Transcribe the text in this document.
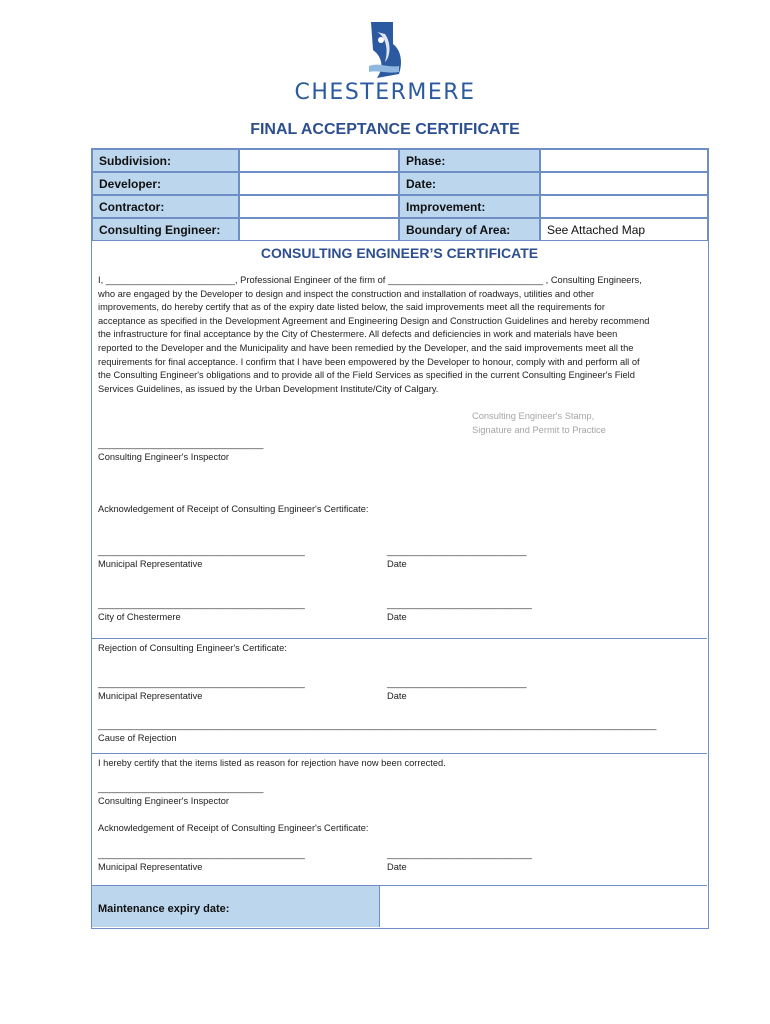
CHESTERMERE
FINAL ACCEPTANCE CERTIFICATE
Subdivision:	Phase:
Developer:	Date:
Contractor:	Improvement:
Consulting Engineer:	Boundary of Area:	See Attached Map
CONSULTING ENGINEER’S CERTIFICATE
I, _________________________, Professional Engineer of the firm of ______________________________ , Consulting Engineers,
who are engaged by the Developer to design and inspect the construction and installation of roadways, utilities and other
improvements, do hereby certify that as of the expiry date listed below, the said improvements meet all the requirements for
acceptance as specified in the Development Agreement and Engineering Design and Construction Guidelines and hereby recommend
the infrastructure for final acceptance by the City of Chestermere. All defects and deficiencies in work and materials have been
reported to the Developer and the Municipality and have been remedied by the Developer, and the said improvements meet all the
requirements for final acceptance. I confirm that I have been empowered by the Developer to honour, comply with and perform all of
the Consulting Engineer's obligations and to provide all of the Field Services as specified in the current Consulting Engineer's Field
Services Guidelines, as issued by the Urban Development Institute/City of Calgary.
Consulting Engineer's Stamp,
Signature and Permit to Practice
________________________________
Consulting Engineer's Inspector
Acknowledgement of Receipt of Consulting Engineer's Certificate:
________________________________________
Municipal Representative
___________________________
Date
________________________________________
City of Chestermere
____________________________
Date
Rejection of Consulting Engineer's Certificate:
________________________________________
Municipal Representative
___________________________
Date
____________________________________________________________________________________________________________
Cause of Rejection
I hereby certify that the items listed as reason for rejection have now been corrected.
________________________________
Consulting Engineer's Inspector
Acknowledgement of Receipt of Consulting Engineer's Certificate:
________________________________________
Municipal Representative
____________________________
Date
Maintenance expiry date:
